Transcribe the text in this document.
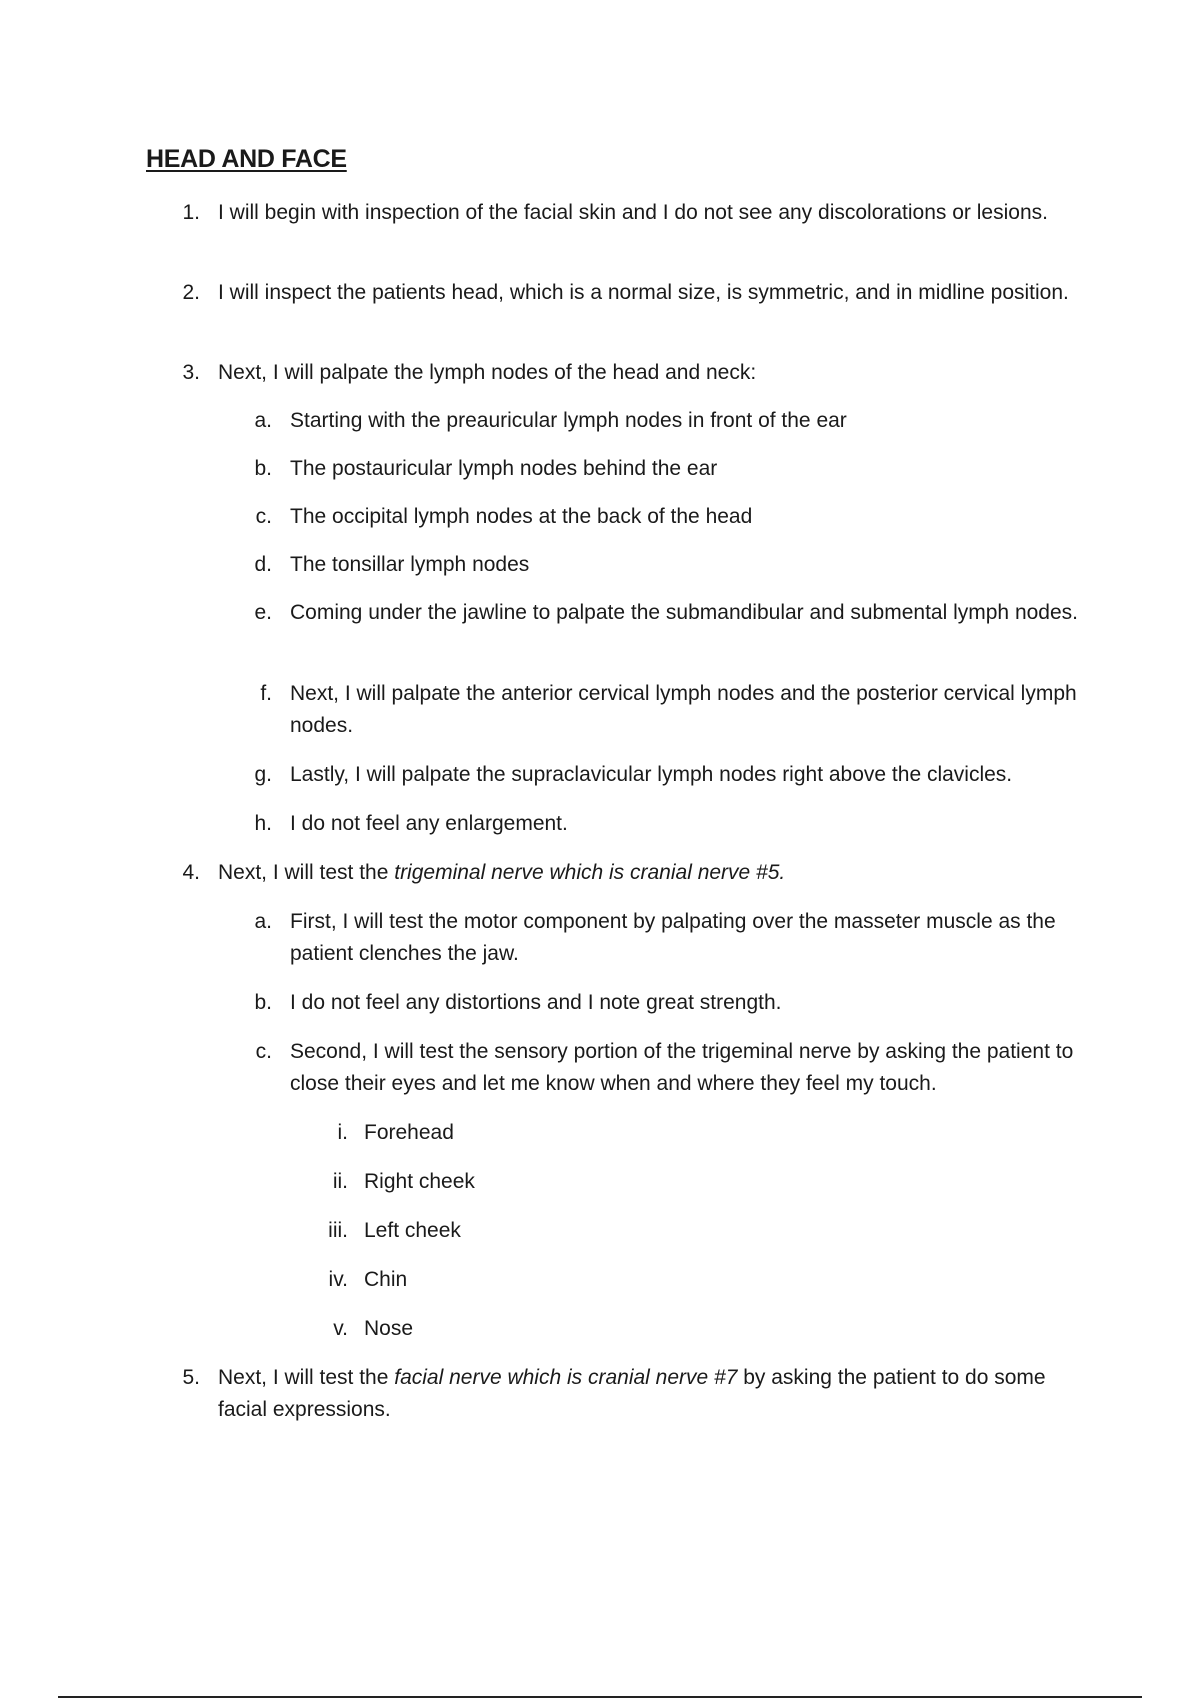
HEAD AND FACE
1. I will begin with inspection of the facial skin and I do not see any discolorations or lesions.
2. I will inspect the patients head, which is a normal size, is symmetric, and in midline position.
3. Next, I will palpate the lymph nodes of the head and neck:
a. Starting with the preauricular lymph nodes in front of the ear
b. The postauricular lymph nodes behind the ear
c. The occipital lymph nodes at the back of the head
d. The tonsillar lymph nodes
e. Coming under the jawline to palpate the submandibular and submental lymph nodes.
f. Next, I will palpate the anterior cervical lymph nodes and the posterior cervical lymph nodes.
g. Lastly, I will palpate the supraclavicular lymph nodes right above the clavicles.
h. I do not feel any enlargement.
4. Next, I will test the trigeminal nerve which is cranial nerve #5.
a. First, I will test the motor component by palpating over the masseter muscle as the patient clenches the jaw.
b. I do not feel any distortions and I note great strength.
c. Second, I will test the sensory portion of the trigeminal nerve by asking the patient to close their eyes and let me know when and where they feel my touch.
i. Forehead
ii. Right cheek
iii. Left cheek
iv. Chin
v. Nose
5. Next, I will test the facial nerve which is cranial nerve #7 by asking the patient to do some facial expressions.
